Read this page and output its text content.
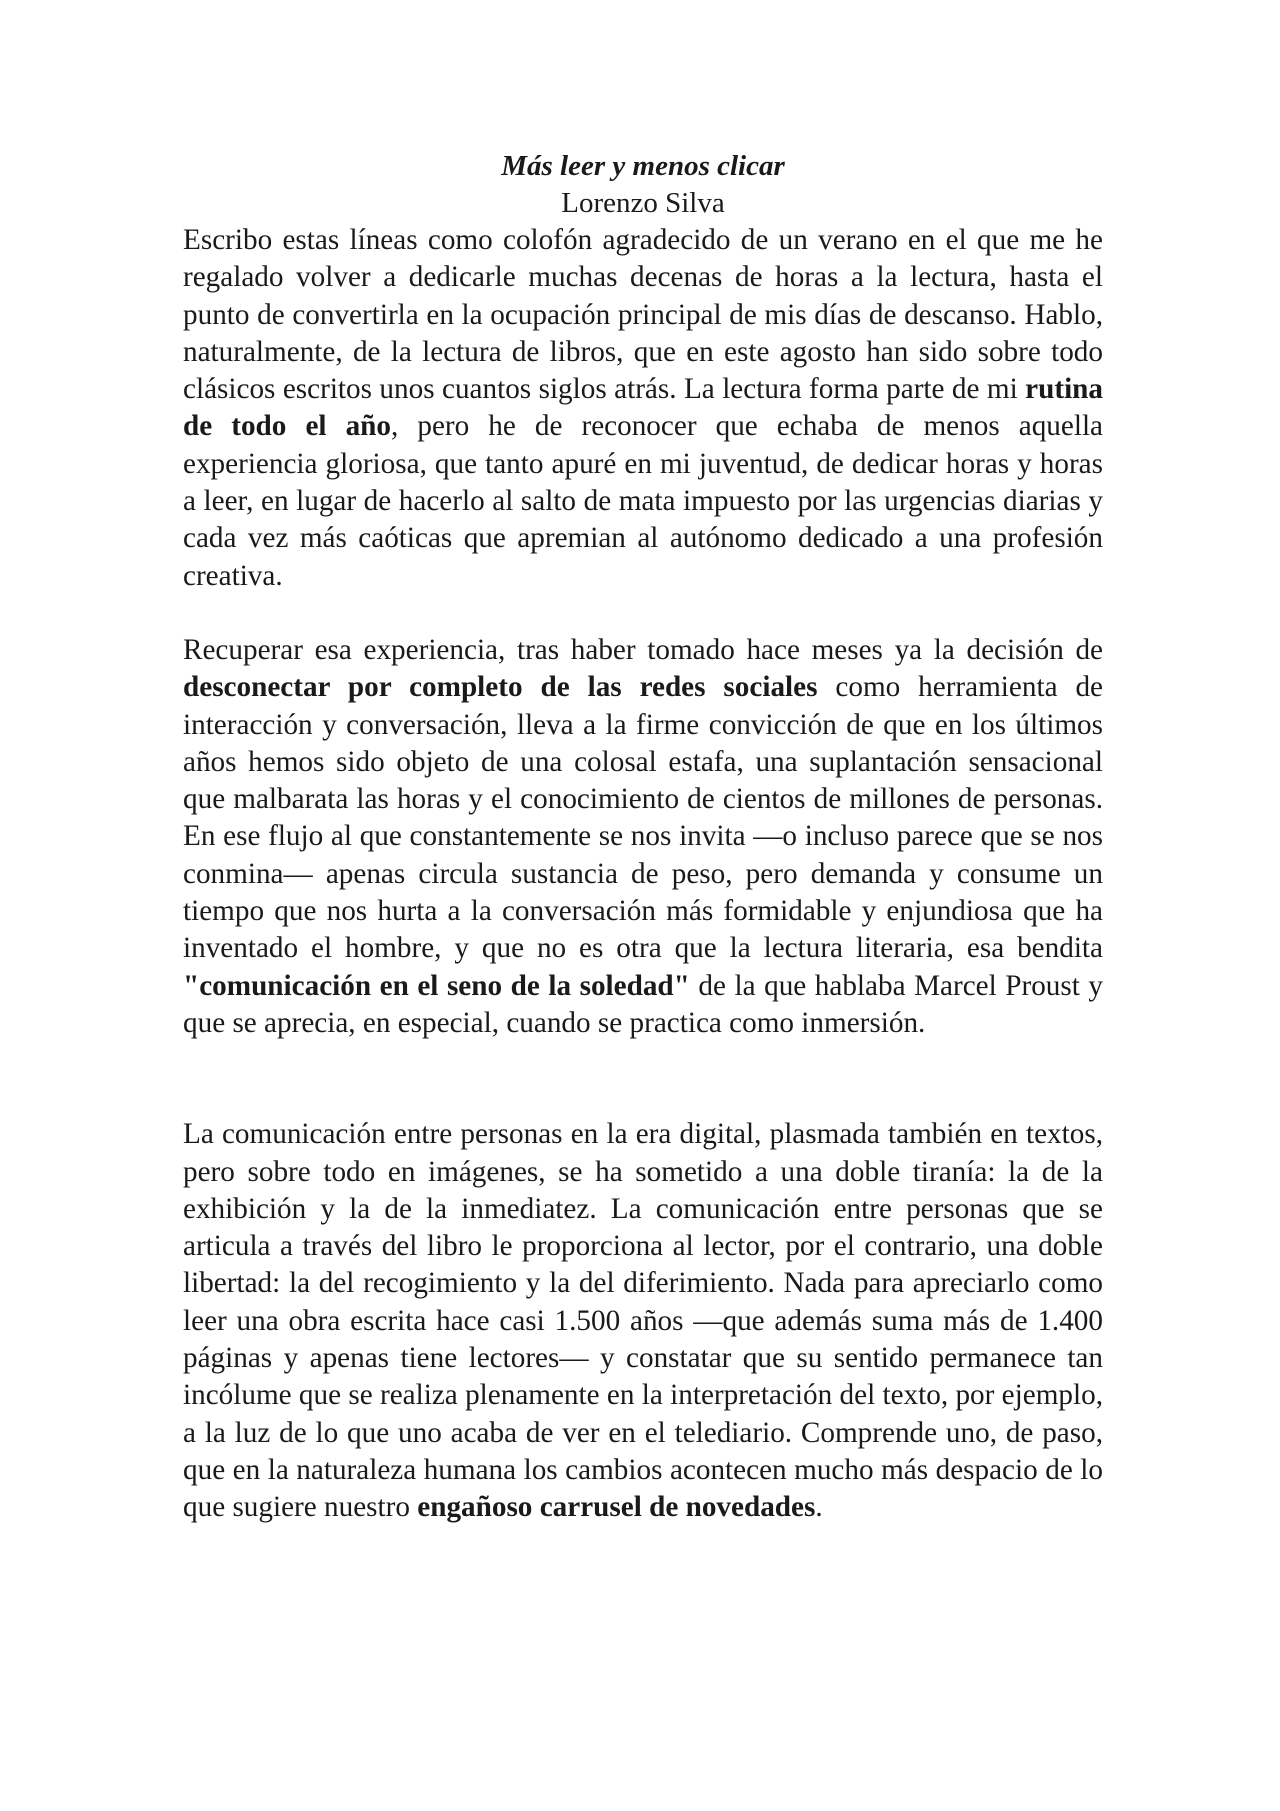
Más leer y menos clicar

Lorenzo Silva

Escribo estas líneas como colofón agradecido de un verano en el que me he regalado volver a dedicarle muchas decenas de horas a la lectura, hasta el punto de convertirla en la ocupación principal de mis días de descanso. Hablo, naturalmente, de la lectura de libros, que en este agosto han sido sobre todo clásicos escritos unos cuantos siglos atrás. La lectura forma parte de mi rutina de todo el año, pero he de reconocer que echaba de menos aquella experiencia gloriosa, que tanto apuré en mi juventud, de dedicar horas y horas a leer, en lugar de hacerlo al salto de mata impuesto por las urgencias diarias y cada vez más caóticas que apremian al autónomo dedicado a una profesión creativa.

Recuperar esa experiencia, tras haber tomado hace meses ya la decisión de desconectar por completo de las redes sociales como herramienta de interacción y conversación, lleva a la firme convicción de que en los últimos años hemos sido objeto de una colosal estafa, una suplantación sensacional que malbarata las horas y el conocimiento de cientos de millones de personas. En ese flujo al que constantemente se nos invita —o incluso parece que se nos conmina— apenas circula sustancia de peso, pero demanda y consume un tiempo que nos hurta a la conversación más formidable y enjundiosa que ha inventado el hombre, y que no es otra que la lectura literaria, esa bendita "comunicación en el seno de la soledad" de la que hablaba Marcel Proust y que se aprecia, en especial, cuando se practica como inmersión.

La comunicación entre personas en la era digital, plasmada también en textos, pero sobre todo en imágenes, se ha sometido a una doble tiranía: la de la exhibición y la de la inmediatez. La comunicación entre personas que se articula a través del libro le proporciona al lector, por el contrario, una doble libertad: la del recogimiento y la del diferimiento. Nada para apreciarlo como leer una obra escrita hace casi 1.500 años —que además suma más de 1.400 páginas y apenas tiene lectores— y constatar que su sentido permanece tan incólume que se realiza plenamente en la interpretación del texto, por ejemplo, a la luz de lo que uno acaba de ver en el telediario. Comprende uno, de paso, que en la naturaleza humana los cambios acontecen mucho más despacio de lo que sugiere nuestro engañoso carrusel de novedades.
